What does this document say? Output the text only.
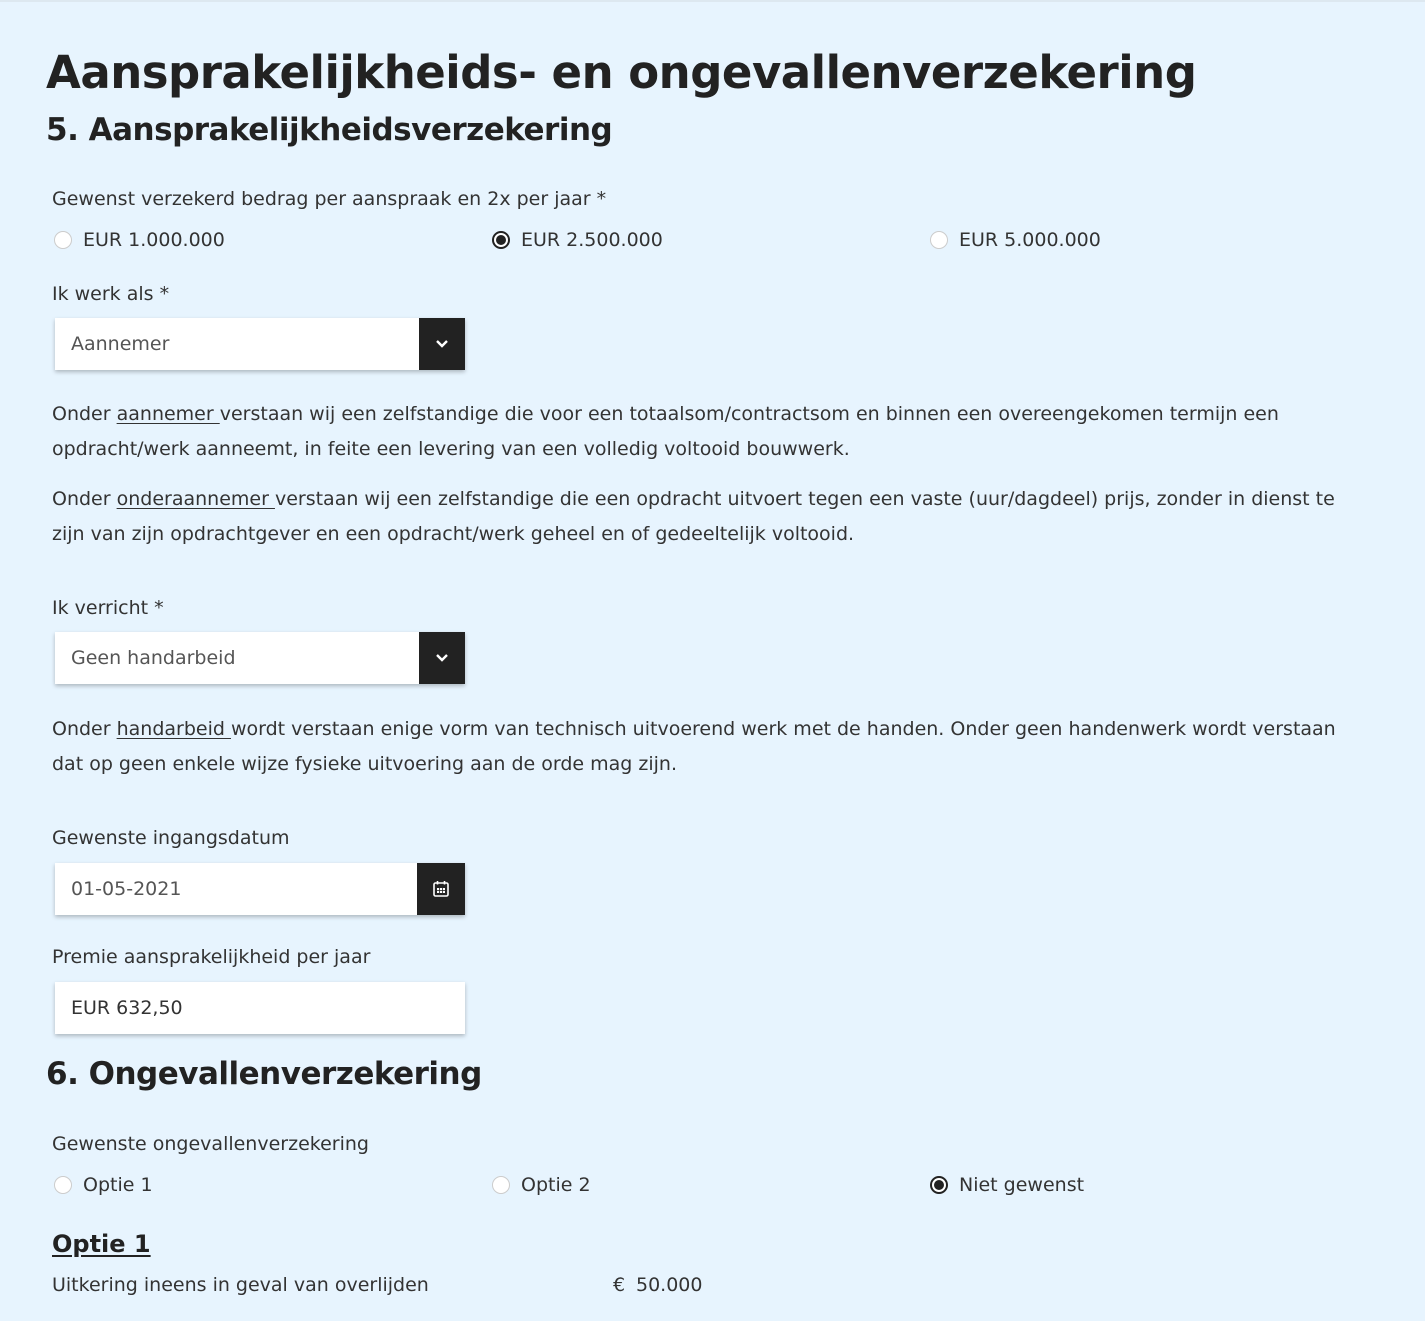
Aansprakelijkheids- en ongevallenverzekering
5. Aansprakelijkheidsverzekering
Gewenst verzekerd bedrag per aanspraak en 2x per jaar *
EUR 1.000.000	EUR 2.500.000	EUR 5.000.000
Ik werk als *
Aannemer
Onder aannemer verstaan wij een zelfstandige die voor een totaalsom/contractsom en binnen een overeengekomen termijn een opdracht/werk aanneemt, in feite een levering van een volledig voltooid bouwwerk.
Onder onderaannemer verstaan wij een zelfstandige die een opdracht uitvoert tegen een vaste (uur/dagdeel) prijs, zonder in dienst te zijn van zijn opdrachtgever en een opdracht/werk geheel en of gedeeltelijk voltooid.
Ik verricht *
Geen handarbeid
Onder handarbeid wordt verstaan enige vorm van technisch uitvoerend werk met de handen. Onder geen handenwerk wordt verstaan dat op geen enkele wijze fysieke uitvoering aan de orde mag zijn.
Gewenste ingangsdatum
01-05-2021
Premie aansprakelijkheid per jaar
EUR 632,50
6. Ongevallenverzekering
Gewenste ongevallenverzekering
Optie 1	Optie 2	Niet gewenst
Optie 1
Uitkering ineens in geval van overlijden	€ 50.000
